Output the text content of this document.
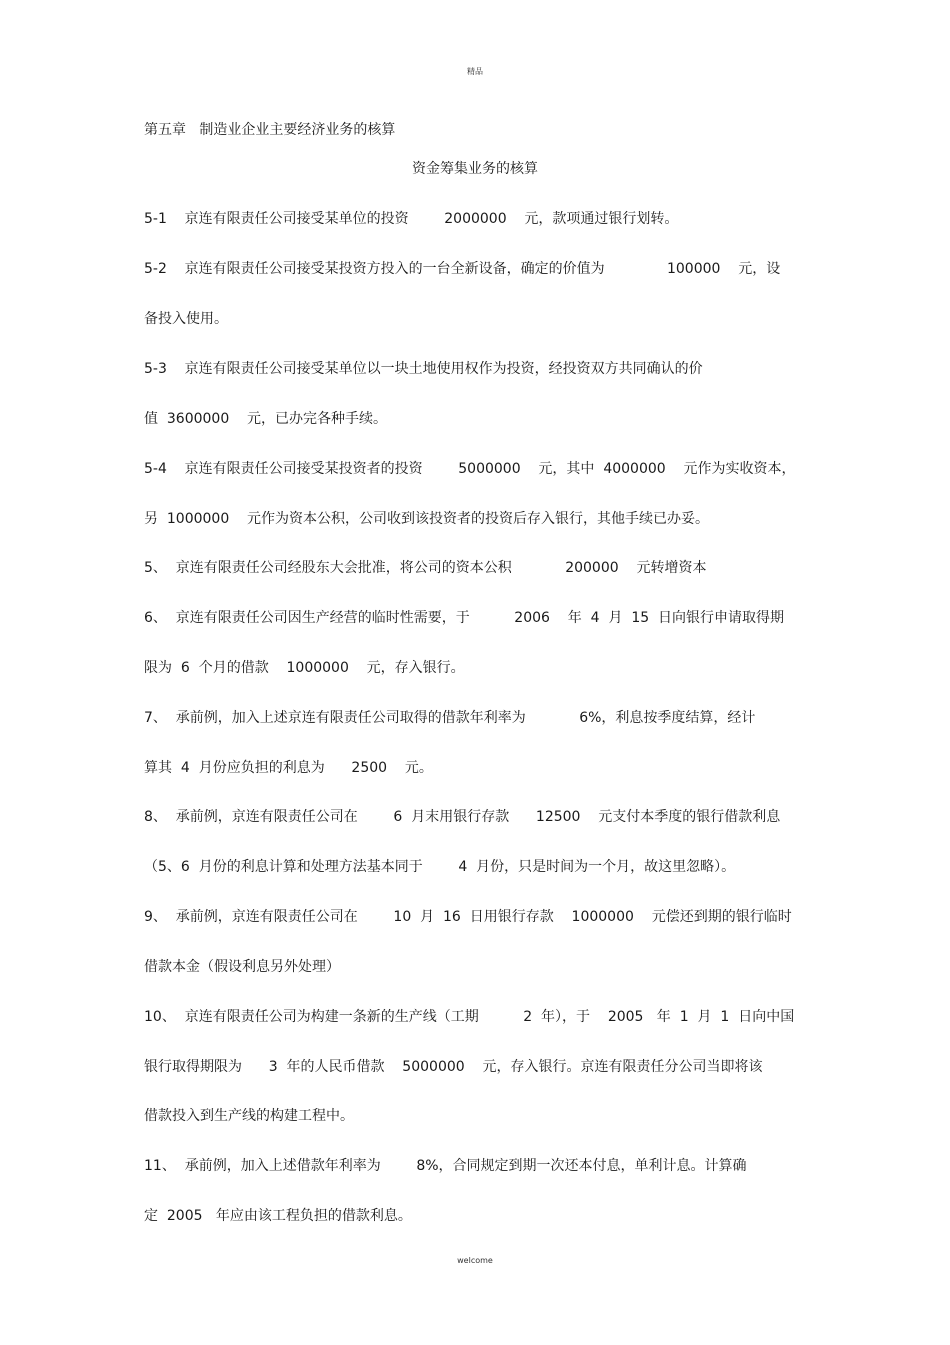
精品
第五章   制造业企业主要经济业务的核算
资金筹集业务的核算
5-1    京连有限责任公司接受某单位的投资        2000000    元，款项通过银行划转。
5-2    京连有限责任公司接受某投资方投入的一台全新设备，确定的价值为              100000    元，设
备投入使用。
5-3    京连有限责任公司接受某单位以一块土地使用权作为投资，经投资双方共同确认的价
值  3600000    元，已办完各种手续。
5-4    京连有限责任公司接受某投资者的投资        5000000    元，其中  4000000    元作为实收资本，
另  1000000    元作为资本公积，公司收到该投资者的投资后存入银行，其他手续已办妥。
5、  京连有限责任公司经股东大会批准，将公司的资本公积            200000    元转增资本
6、  京连有限责任公司因生产经营的临时性需要，于          2006    年  4  月  15  日向银行申请取得期
限为  6  个月的借款    1000000    元，存入银行。
7、  承前例，加入上述京连有限责任公司取得的借款年利率为            6%，利息按季度结算，经计
算其  4  月份应负担的利息为      2500    元。
8、  承前例，京连有限责任公司在        6  月末用银行存款      12500    元支付本季度的银行借款利息
（5、6  月份的利息计算和处理方法基本同于        4  月份，只是时间为一个月，故这里忽略）。
9、  承前例，京连有限责任公司在        10  月  16  日用银行存款    1000000    元偿还到期的银行临时
借款本金（假设利息另外处理）
10、  京连有限责任公司为构建一条新的生产线（工期          2  年），于    2005   年  1  月  1  日向中国
银行取得期限为      3  年的人民币借款    5000000    元，存入银行。京连有限责任分公司当即将该
借款投入到生产线的构建工程中。
11、  承前例，加入上述借款年利率为        8%，合同规定到期一次还本付息，单利计息。计算确
定  2005   年应由该工程负担的借款利息。
welcome
